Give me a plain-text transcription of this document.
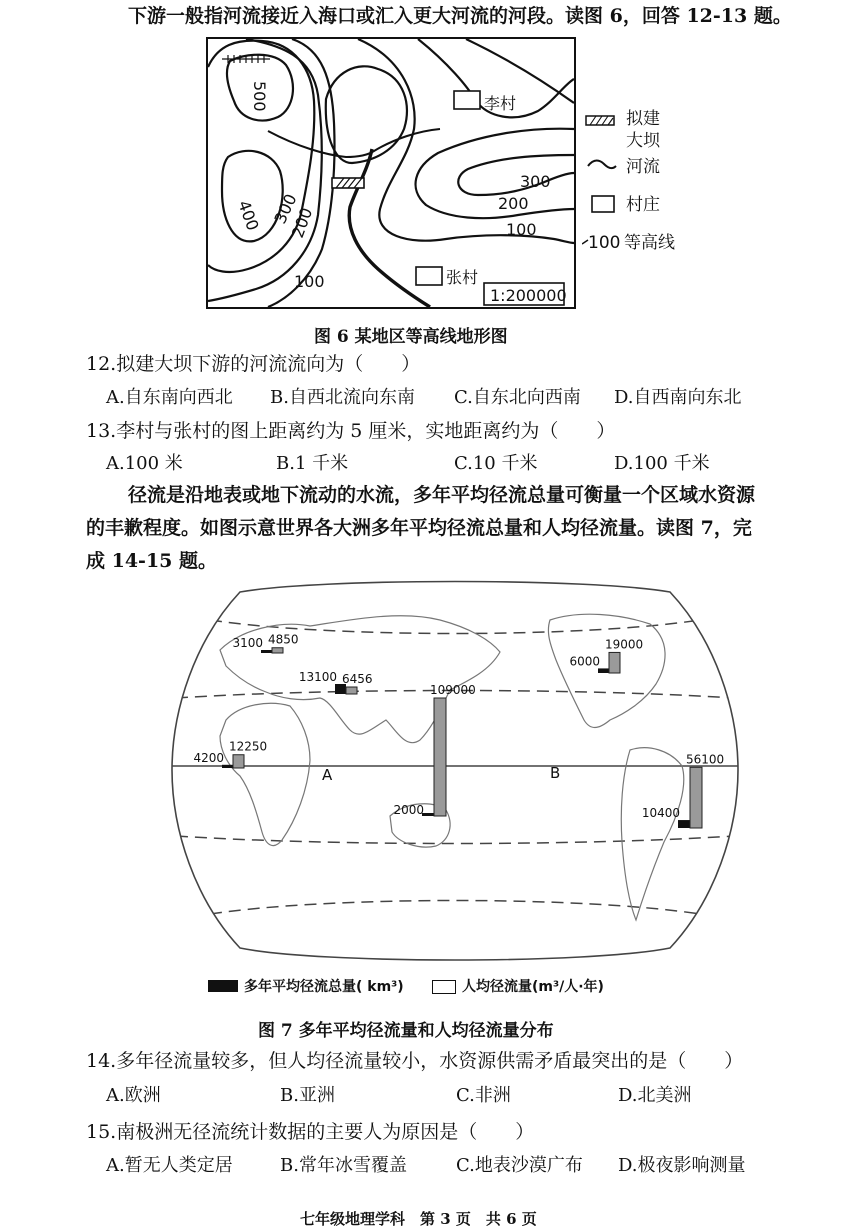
下游一般指河流接近入海口或汇入更大河流的河段。读图 6，回答 12-13 题。
500
400 300
200
100
李村
300
200
100
张村
1:200000
拟建
大坝
河流
村庄
100 等高线
图 6 某地区等高线地形图
12.拟建大坝下游的河流流向为（　　）
A.自东南向西北 B.自西北流向东南 C.自东北向西南 D.自西南向东北
13.李村与张村的图上距离约为 5 厘米，实地距离约为（　　）
A.100 米	B.1 千米	C.10 千米	D.100 千米
径流是沿地表或地下流动的水流，多年平均径流总量可衡量一个区域水资源
的丰歉程度。如图示意世界各大洲多年平均径流总量和人均径流量。读图 7，完
成 14-15 题。
3100 4850
13100 6456
4200
12250
6000
19000
10400
56100
2000
109000
A	B
多年平均径流总量( km³)	人均径流量(m³/人·年)
图 7 多年平均径流量和人均径流量分布
14.多年径流量较多，但人均径流量较小，水资源供需矛盾最突出的是（　　）
A.欧洲	B.亚洲	C.非洲	D.北美洲
15.南极洲无径流统计数据的主要人为原因是（　　）
A.暂无人类定居	B.常年冰雪覆盖	C.地表沙漠广布 D.极夜影响测量
七年级地理学科　第 3 页　共 6 页
